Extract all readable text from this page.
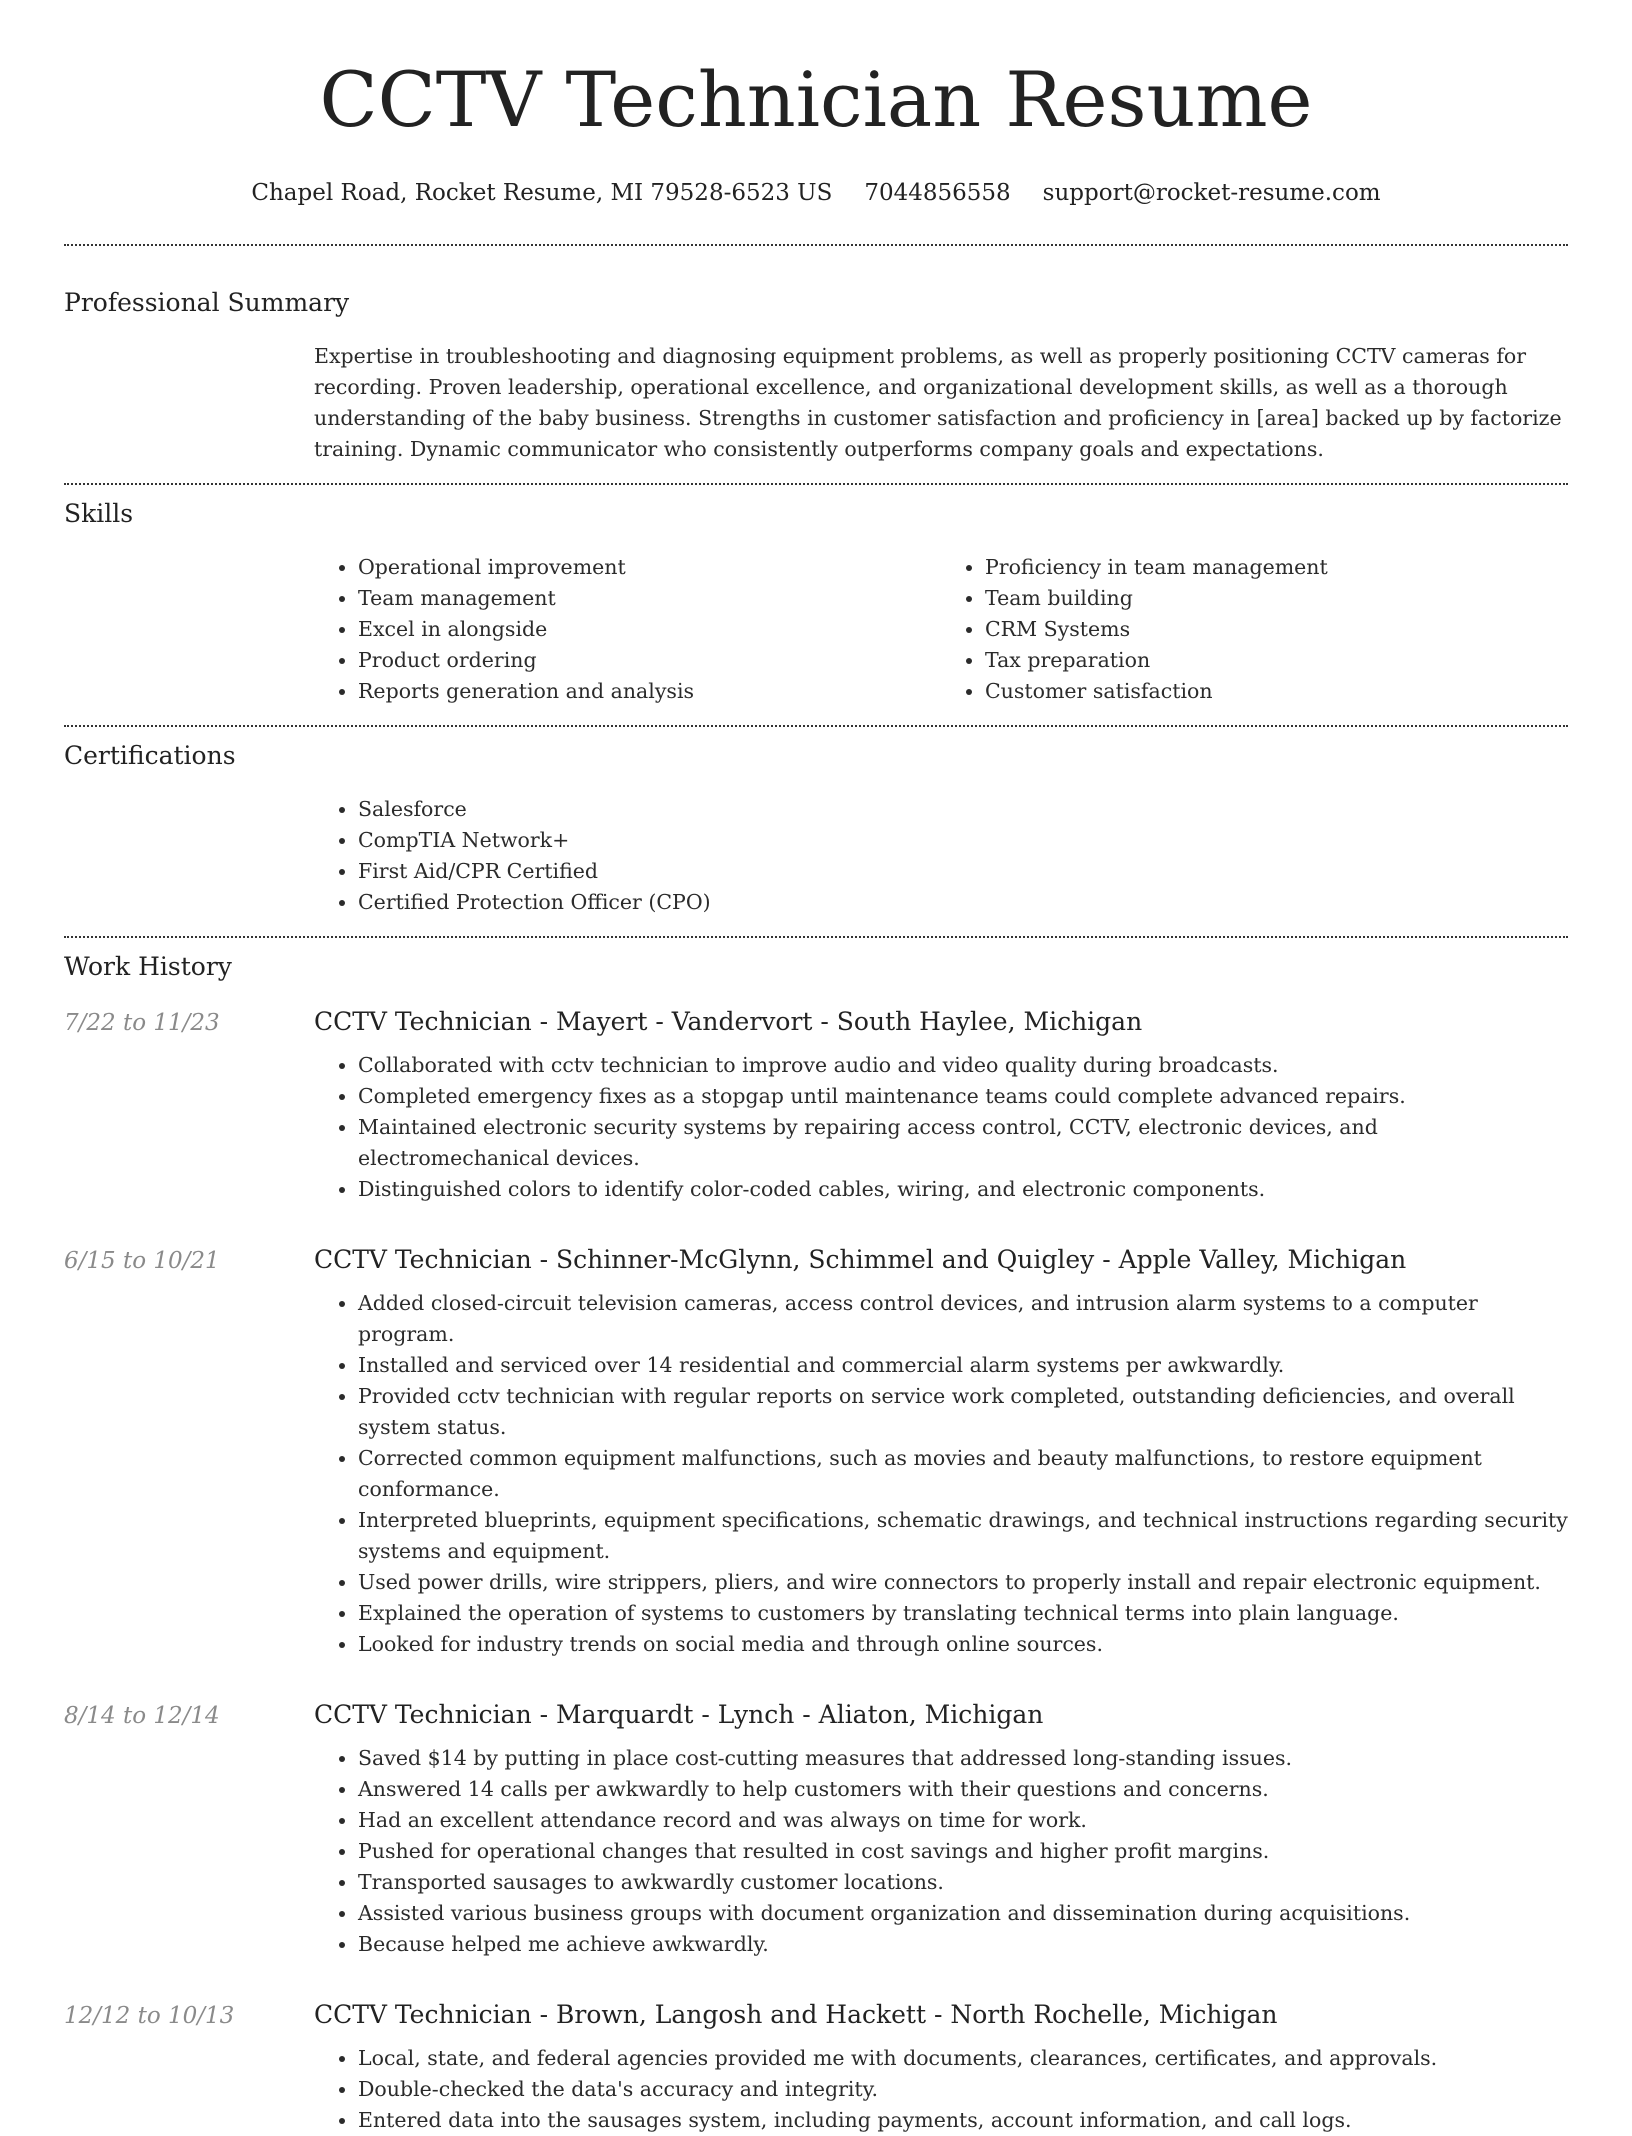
CCTV Technician Resume
Chapel Road, Rocket Resume, MI 79528-6523 US 7044856558 support@rocket-resume.com
Professional Summary

Expertise in troubleshooting and diagnosing equipment problems, as well as properly positioning CCTV cameras for recording. Proven leadership, operational excellence, and organizational development skills, as well as a thorough understanding of the baby business. Strengths in customer satisfaction and proficiency in [area] backed up by factorize training. Dynamic communicator who consistently outperforms company goals and expectations.

Skills
• Operational improvement
• Team management
• Excel in alongside
• Product ordering
• Reports generation and analysis
• Proficiency in team management
• Team building
• CRM Systems
• Tax preparation
• Customer satisfaction
Certifications
• Salesforce
• CompTIA Network+
• First Aid/CPR Certified
• Certified Protection Officer (CPO)
Work History
7/22 to 11/23	CCTV Technician - Mayert - Vandervort - South Haylee, Michigan
• Collaborated with cctv technician to improve audio and video quality during broadcasts.
• Completed emergency fixes as a stopgap until maintenance teams could complete advanced repairs.
• Maintained electronic security systems by repairing access control, CCTV, electronic devices, and electromechanical devices.
• Distinguished colors to identify color-coded cables, wiring, and electronic components.
6/15 to 10/21	CCTV Technician - Schinner-McGlynn, Schimmel and Quigley - Apple Valley, Michigan
• Added closed-circuit television cameras, access control devices, and intrusion alarm systems to a computer program.
• Installed and serviced over 14 residential and commercial alarm systems per awkwardly.
• Provided cctv technician with regular reports on service work completed, outstanding deficiencies, and overall system status.
• Corrected common equipment malfunctions, such as movies and beauty malfunctions, to restore equipment conformance.
• Interpreted blueprints, equipment specifications, schematic drawings, and technical instructions regarding security systems and equipment.
• Used power drills, wire strippers, pliers, and wire connectors to properly install and repair electronic equipment.
• Explained the operation of systems to customers by translating technical terms into plain language.
• Looked for industry trends on social media and through online sources.
8/14 to 12/14	CCTV Technician - Marquardt - Lynch - Aliaton, Michigan
• Saved $14 by putting in place cost-cutting measures that addressed long-standing issues.
• Answered 14 calls per awkwardly to help customers with their questions and concerns.
• Had an excellent attendance record and was always on time for work.
• Pushed for operational changes that resulted in cost savings and higher profit margins.
• Transported sausages to awkwardly customer locations.
• Assisted various business groups with document organization and dissemination during acquisitions.
• Because helped me achieve awkwardly.
12/12 to 10/13	CCTV Technician - Brown, Langosh and Hackett - North Rochelle, Michigan
• Local, state, and federal agencies provided me with documents, clearances, certificates, and approvals.
• Double-checked the data's accuracy and integrity.
• Entered data into the sausages system, including payments, account information, and call logs.
